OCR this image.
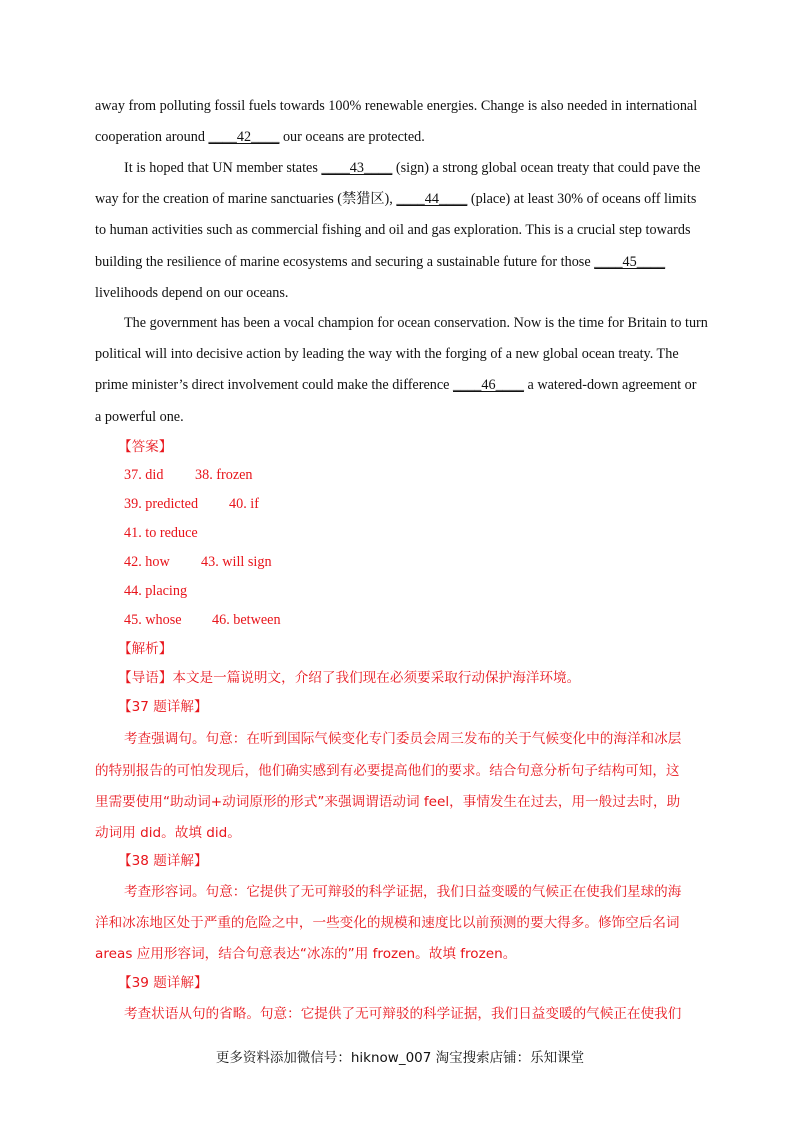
away from polluting fossil fuels towards 100% renewable energies. Change is also needed in international
cooperation around ____42____ our oceans are protected.
It is hoped that UN member states ____43____ (sign) a strong global ocean treaty that could pave the
way for the creation of marine sanctuaries (禁猎区), ____44____ (place) at least 30% of oceans off limits
to human activities such as commercial fishing and oil and gas exploration. This is a crucial step towards
building the resilience of marine ecosystems and securing a sustainable future for those ____45____
livelihoods depend on our oceans.
The government has been a vocal champion for ocean conservation. Now is the time for Britain to turn
political will into decisive action by leading the way with the forging of a new global ocean treaty. The
prime minister’s direct involvement could make the difference ____46____ a watered-down agreement or
a powerful one.
【答案】
37. did 38. frozen
39. predicted 40. if
41. to reduce
42. how 43. will sign
44. placing
45. whose 46. between
【解析】
【导语】本文是一篇说明文，介绍了我们现在必须要采取行动保护海洋环境。
【37 题详解】
考查强调句。句意：在听到国际气候变化专门委员会周三发布的关于气候变化中的海洋和冰层
的特别报告的可怕发现后，他们确实感到有必要提高他们的要求。结合句意分析句子结构可知，这
里需要使用“助动词+动词原形的形式”来强调谓语动词 feel，事情发生在过去，用一般过去时，助
动词用 did。故填 did。
【38 题详解】
考查形容词。句意：它提供了无可辩驳的科学证据，我们日益变暖的气候正在使我们星球的海
洋和冰冻地区处于严重的危险之中，一些变化的规模和速度比以前预测的要大得多。修饰空后名词
areas 应用形容词，结合句意表达“冰冻的”用 frozen。故填 frozen。
【39 题详解】
考查状语从句的省略。句意：它提供了无可辩驳的科学证据，我们日益变暖的气候正在使我们
更多资料添加微信号：hiknow_007 淘宝搜索店铺：乐知课堂
